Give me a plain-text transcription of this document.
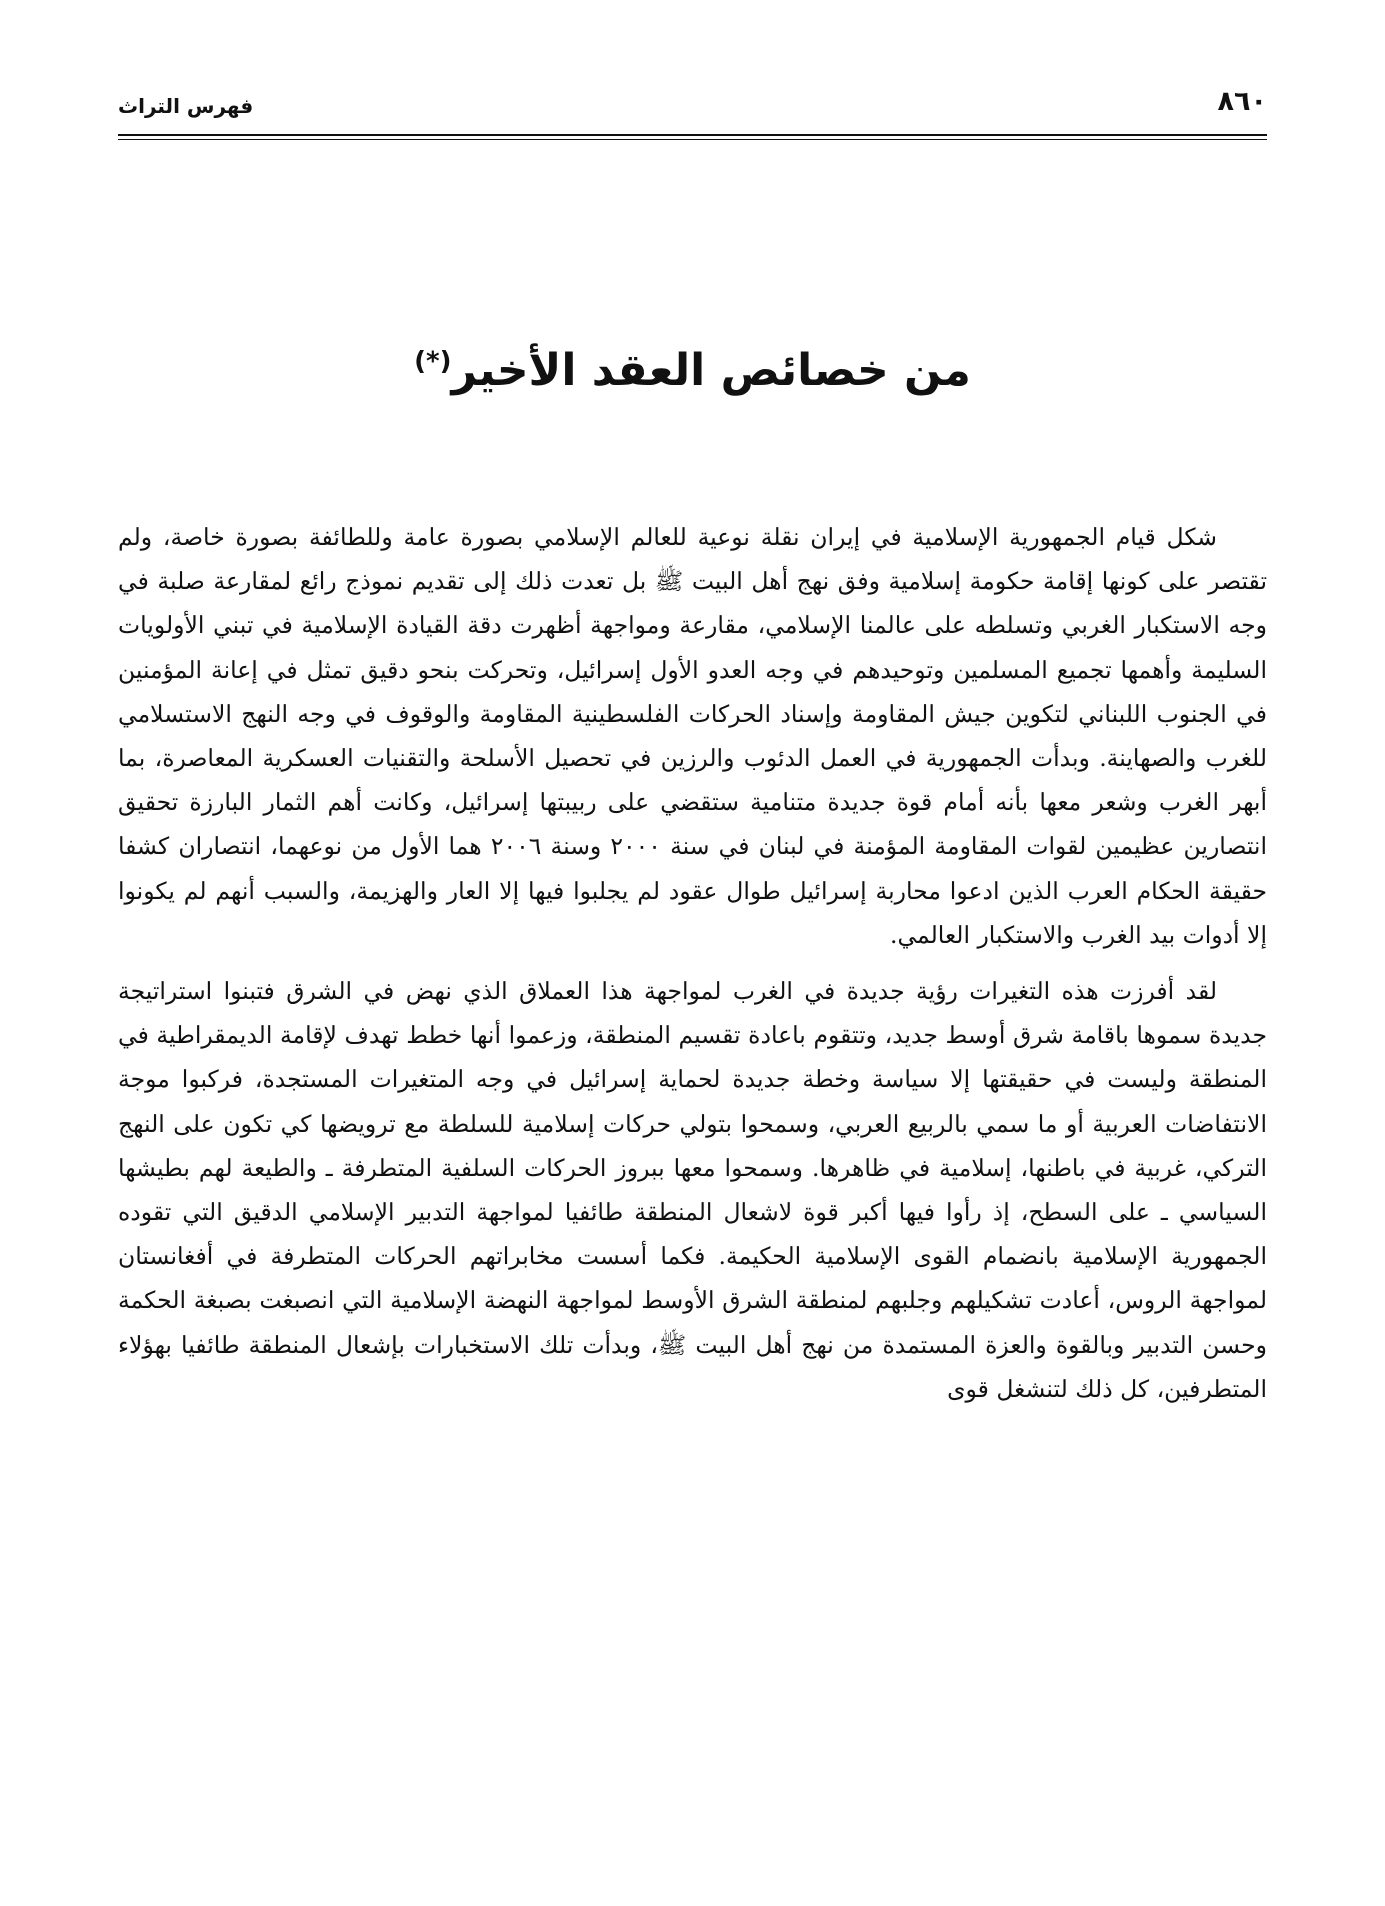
٨٦٠
فهرس التراث
من خصائص العقد الأخير(*)

شكل قيام الجمهورية الإسلامية في إيران نقلة نوعية للعالم الإسلامي بصورة عامة وللطائفة بصورة خاصة، ولم تقتصر على كونها إقامة حكومة إسلامية وفق نهج أهل البيت ﷺ بل تعدت ذلك إلى تقديم نموذج رائع لمقارعة صلبة في وجه الاستكبار الغربي وتسلطه على عالمنا الإسلامي، مقارعة ومواجهة أظهرت دقة القيادة الإسلامية في تبني الأولويات السليمة وأهمها تجميع المسلمين وتوحيدهم في وجه العدو الأول إسرائيل، وتحركت بنحو دقيق تمثل في إعانة المؤمنين في الجنوب اللبناني لتكوين جيش المقاومة وإسناد الحركات الفلسطينية المقاومة والوقوف في وجه النهج الاستسلامي للغرب والصهاينة. وبدأت الجمهورية في العمل الدئوب والرزين في تحصيل الأسلحة والتقنيات العسكرية المعاصرة، بما أبهر الغرب وشعر معها بأنه أمام قوة جديدة متنامية ستقضي على ربيبتها إسرائيل، وكانت أهم الثمار البارزة تحقيق انتصارين عظيمين لقوات المقاومة المؤمنة في لبنان في سنة ٢٠٠٠ وسنة ٢٠٠٦ هما الأول من نوعهما، انتصاران كشفا حقيقة الحكام العرب الذين ادعوا محاربة إسرائيل طوال عقود لم يجلبوا فيها إلا العار والهزيمة، والسبب أنهم لم يكونوا إلا أدوات بيد الغرب والاستكبار العالمي.

لقد أفرزت هذه التغيرات رؤية جديدة في الغرب لمواجهة هذا العملاق الذي نهض في الشرق فتبنوا استراتيجة جديدة سموها باقامة شرق أوسط جديد، وتتقوم باعادة تقسيم المنطقة، وزعموا أنها خطط تهدف لإقامة الديمقراطية في المنطقة وليست في حقيقتها إلا سياسة وخطة جديدة لحماية إسرائيل في وجه المتغيرات المستجدة، فركبوا موجة الانتفاضات العربية أو ما سمي بالربيع العربي، وسمحوا بتولي حركات إسلامية للسلطة مع ترويضها كي تكون على النهج التركي، غربية في باطنها، إسلامية في ظاهرها. وسمحوا معها ببروز الحركات السلفية المتطرفة ـ والطيعة لهم بطيشها السياسي ـ على السطح، إذ رأوا فيها أكبر قوة لاشعال المنطقة طائفيا لمواجهة التدبير الإسلامي الدقيق التي تقوده الجمهورية الإسلامية بانضمام القوى الإسلامية الحكيمة. فكما أسست مخابراتهم الحركات المتطرفة في أفغانستان لمواجهة الروس، أعادت تشكيلهم وجلبهم لمنطقة الشرق الأوسط لمواجهة النهضة الإسلامية التي انصبغت بصبغة الحكمة وحسن التدبير وبالقوة والعزة المستمدة من نهج أهل البيت ﷺ، وبدأت تلك الاستخبارات بإشعال المنطقة طائفيا بهؤلاء المتطرفين، كل ذلك لتنشغل قوى
